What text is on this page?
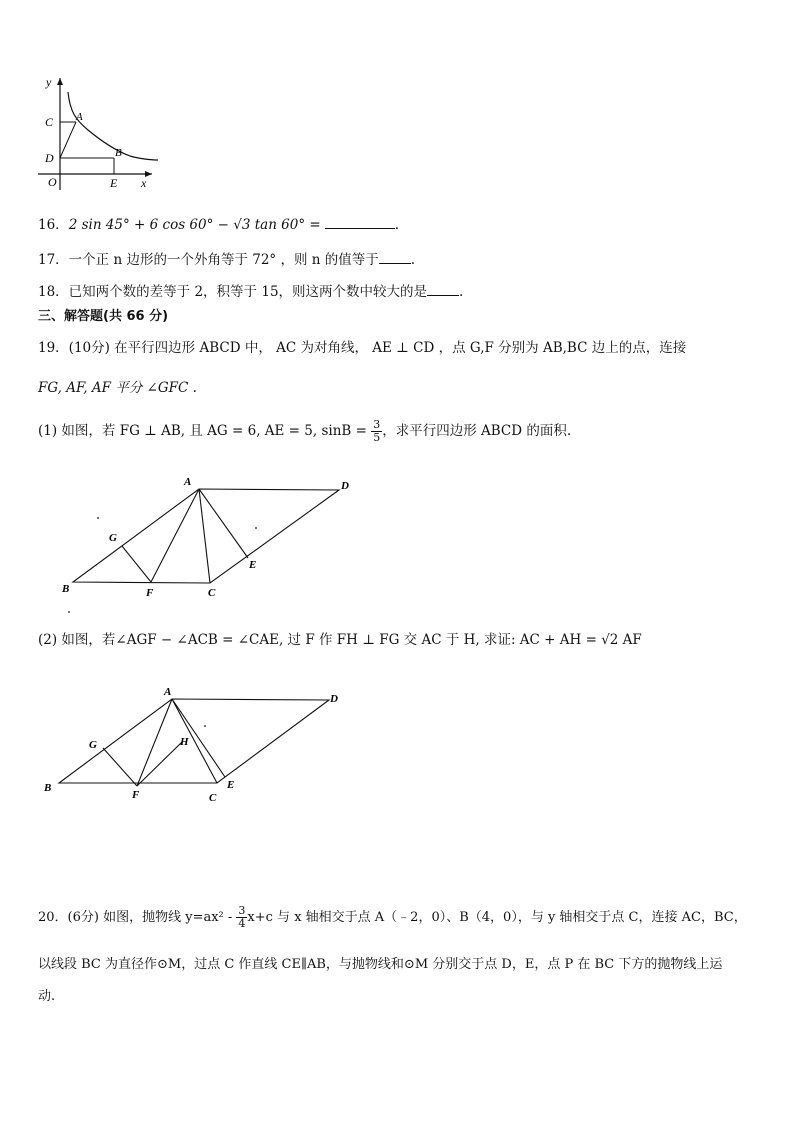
y
C A
D	B
O	E x
16．2 sin 45° + 6 cos 60° − √3 tan 60° =	.
17．一个正 n 边形的一个外角等于 72° ，则 n 的值等于 .
18．已知两个数的差等于 2，积等于 15，则这两个数中较大的是 .
三、解答题(共 66 分)
19．(10分) 在平行四边形 ABCD 中， AC 为对角线， AE ⊥ CD ，点 G,F 分别为 AB,BC 边上的点，连接
FG, AF, AF 平分 ∠GFC .
(1) 如图，若 FG ⊥ AB, 且 AG = 6, AE = 5, $\sin B = \frac{3}{5}$ ，求平行四边形 ABCD 的面积.
A	D
G
E
B	F	C
(2) 如图，若∠AGF − ∠ACB = ∠CAE, 过 F 作 FH ⊥ FG 交 AC 于 H, 求证: AC + AH = √2 AF
A
D
G	H
E
B
F	C
20．(6分) 如图，抛物线 $y=ax^2 - \frac{3}{4} x+c$ 与 x 轴相交于点 A（﹣2，0）、B（4，0），与 y 轴相交于点 C，连接 AC，BC，
以线段 BC 为直径作⊙M，过点 C 作直线 CE∥AB，与抛物线和⊙M 分别交于点 D，E，点 P 在 BC 下方的抛物线上运
动.
